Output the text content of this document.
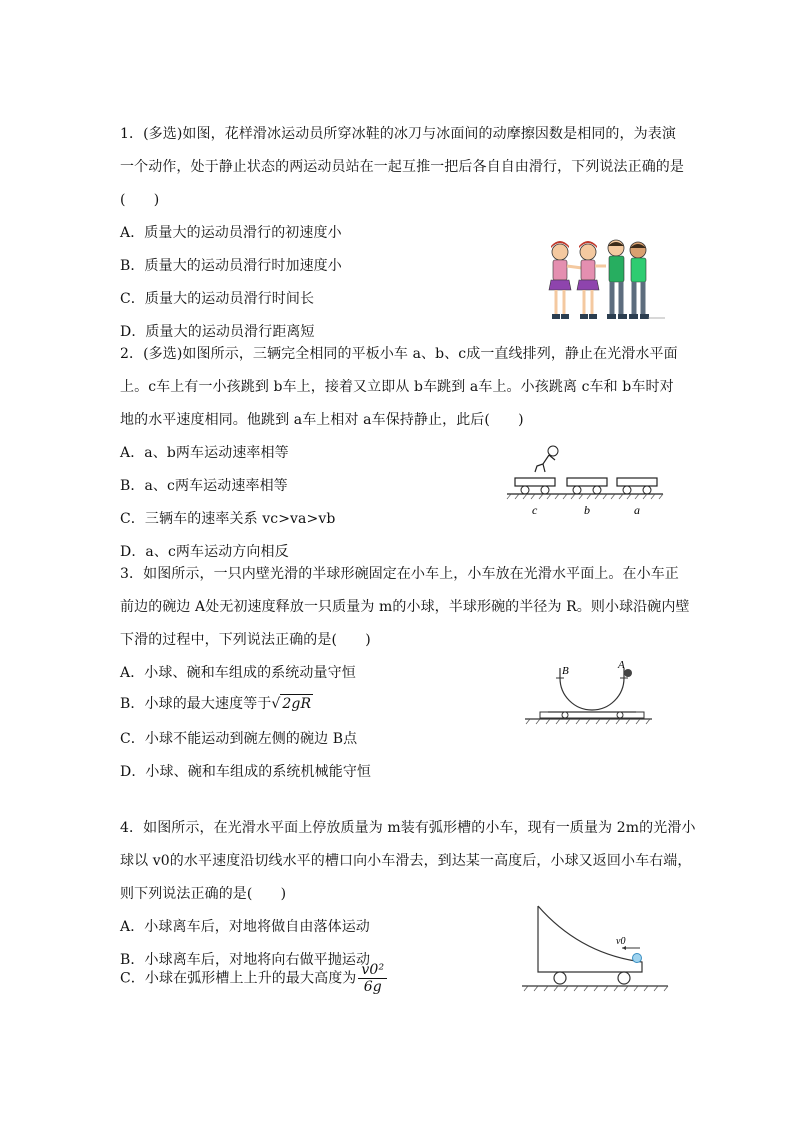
1．(多选)如图，花样滑冰运动员所穿冰鞋的冰刀与冰面间的动摩擦因数是相同的，为表演
一个动作，处于静止状态的两运动员站在一起互推一把后各自自由滑行，下列说法正确的是
(　　)
A．质量大的运动员滑行的初速度小
B．质量大的运动员滑行时加速度小
C．质量大的运动员滑行时间长
D．质量大的运动员滑行距离短
2．(多选)如图所示，三辆完全相同的平板小车 a、b、c成一直线排列，静止在光滑水平面
上。c车上有一小孩跳到 b车上，接着又立即从 b车跳到 a车上。小孩跳离 c车和 b车时对
地的水平速度相同。他跳到 a车上相对 a车保持静止，此后(　　)
A．a、b两车运动速率相等
B．a、c两车运动速率相等
C．三辆车的速率关系 vc>va>vb
D．a、c两车运动方向相反
c	b	a
3．如图所示，一只内壁光滑的半球形碗固定在小车上，小车放在光滑水平面上。在小车正
前边的碗边 A处无初速度释放一只质量为 m的小球，半球形碗的半径为 R。则小球沿碗内壁
下滑的过程中，下列说法正确的是(　　)
A．小球、碗和车组成的系统动量守恒
B．小球的最大速度等于√ 2gR
C．小球不能运动到碗左侧的碗边 B点
D．小球、碗和车组成的系统机械能守恒
B	A
4．如图所示，在光滑水平面上停放质量为 m装有弧形槽的小车，现有一质量为 2m的光滑小
球以 v0的水平速度沿切线水平的槽口向小车滑去，到达某一高度后，小球又返回小车右端，
则下列说法正确的是(　　)
A．小球离车后，对地将做自由落体运动
B．小球离车后，对地将向右做平抛运动
C．小球在弧形槽上上升的最大高度为 $\frac{\text{v0²}}{6g}$
v0
